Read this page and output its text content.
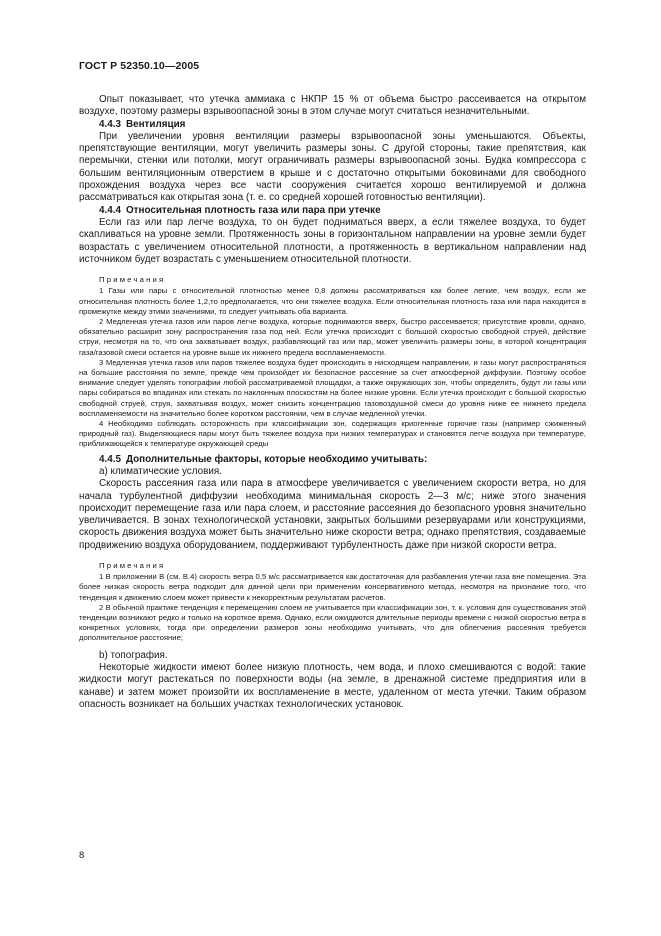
ГОСТ Р 52350.10—2005

Опыт показывает, что утечка аммиака с НКПР 15 % от объема быстро рассеивается на открытом воздухе, поэтому размеры взрывоопасной зоны в этом случае могут считаться незначительными.

4.4.3 Вентиляция

При увеличении уровня вентиляции размеры взрывоопасной зоны уменьшаются. Объекты, препятствующие вентиляции, могут увеличить размеры зоны. С другой стороны, такие препятствия, как перемычки, стенки или потолки, могут ограничивать размеры взрывоопасной зоны. Будка компрессора с большим вентиляционным отверстием в крыше и с достаточно открытыми боковинами для свободного прохождения воздуха через все части сооружения считается хорошо вентилируемой и должна рассматриваться как открытая зона (т. е. со средней хорошей готовностью вентиляции).

4.4.4 Относительная плотность газа или пара при утечке

Если газ или пар легче воздуха, то он будет подниматься вверх, а если тяжелее воздуха, то будет скапливаться на уровне земли. Протяженность зоны в горизонтальном направлении на уровне земли будет возрастать с увеличением относительной плотности, а протяженность в вертикальном направлении над источником будет возрастать с уменьшением относительной плотности.

Примечания

1 Газы или пары с относительной плотностью менее 0,8 должны рассматриваться как более легкие, чем воздух, если же относительная плотность более 1,2,то предполагается, что они тяжелее воздуха. Если относительная плотность газа или пара находится в промежутке между этими значениями, то следует учитывать оба варианта.

2 Медленная утечка газов или паров легче воздуха, которые поднимаются вверх, быстро рассеивается; присутствие кровли, однако, обязательно расширит зону распространения газа под ней. Если утечка происходит с большой скоростью свободной струей, действие струи, несмотря на то, что она захватывает воздух, разбавляющий газ или пар, может увеличить размеры зоны, в которой концентрация газа/газовой смеси остается на уровне выше их нижнего предела воспламеняемости.

3 Медленная утечка газов или паров тяжелее воздуха будет происходить в нисходящем направлении, и газы могут распространяться на большие расстояния по земле, прежде чем произойдет их безопасное рассеяние за счет атмосферной диффузии. Поэтому особое внимание следует уделять топографии любой рассматриваемой площадки, а также окружающих зон, чтобы определить, будут ли газы или пары собираться во впадинах или стекать по наклонным плоскостям на более низкие уровни. Если утечка происходит с большой скоростью свободной струей, струя, захватывая воздух, может снизить концентрацию газовоздушной смеси до уровня ниже ее нижнего предела воспламеняемости на значительно более коротком расстоянии, чем в случае медленной утечки.

4 Необходимо соблюдать осторожность при классификации зон, содержащих криогенные горючие газы (например сжиженный природный газ). Выделяющиеся пары могут быть тяжелее воздуха при низких температурах и становятся легче воздуха при температуре, приближающейся к температуре окружающей среды

4.4.5 Дополнительные факторы, которые необходимо учитывать:

а) климатические условия.

Скорость рассеяния газа или пара в атмосфере увеличивается с увеличением скорости ветра, но для начала турбулентной диффузии необходима минимальная скорость 2—3 м/с; ниже этого значения происходит перемещение газа или пара слоем, и расстояние рассеяния до безопасного уровня значительно увеличивается. В зонах технологической установки, закрытых большими резервуарами или конструкциями, скорость движения воздуха может быть значительно ниже скорости ветра; однако препятствия, создаваемые продвижению воздуха оборудованием, поддерживают турбулентность даже при низкой скорости ветра.

Примечания

1 В приложении В (см. В.4) скорость ветра 0,5 м/с рассматривается как достаточная для разбавления утечки газа вне помещения. Эта более низкая скорость ветра подходит для данной цели при применении консервативного метода, несмотря на признание того, что тенденция к движению слоем может привести к некорректным результатам расчетов.

2 В обычной практике тенденция к перемещению слоем не учитывается при классификации зон, т. к. условия для существования этой тенденции возникают редко и только на короткое время. Однако, если ожидаются длительные периоды времени с низкой скоростью ветра в конкретных условиях, тогда при определении размеров зоны необходимо учитывать, что для облегчения рассеяния требуется дополнительное расстояние;

b) топография.

Некоторые жидкости имеют более низкую плотность, чем вода, и плохо смешиваются с водой: такие жидкости могут растекаться по поверхности воды (на земле, в дренажной системе предприятия или в канаве) и затем может произойти их воспламенение в месте, удаленном от места утечки. Таким образом опасность возникает на больших участках технологических установок.

8
